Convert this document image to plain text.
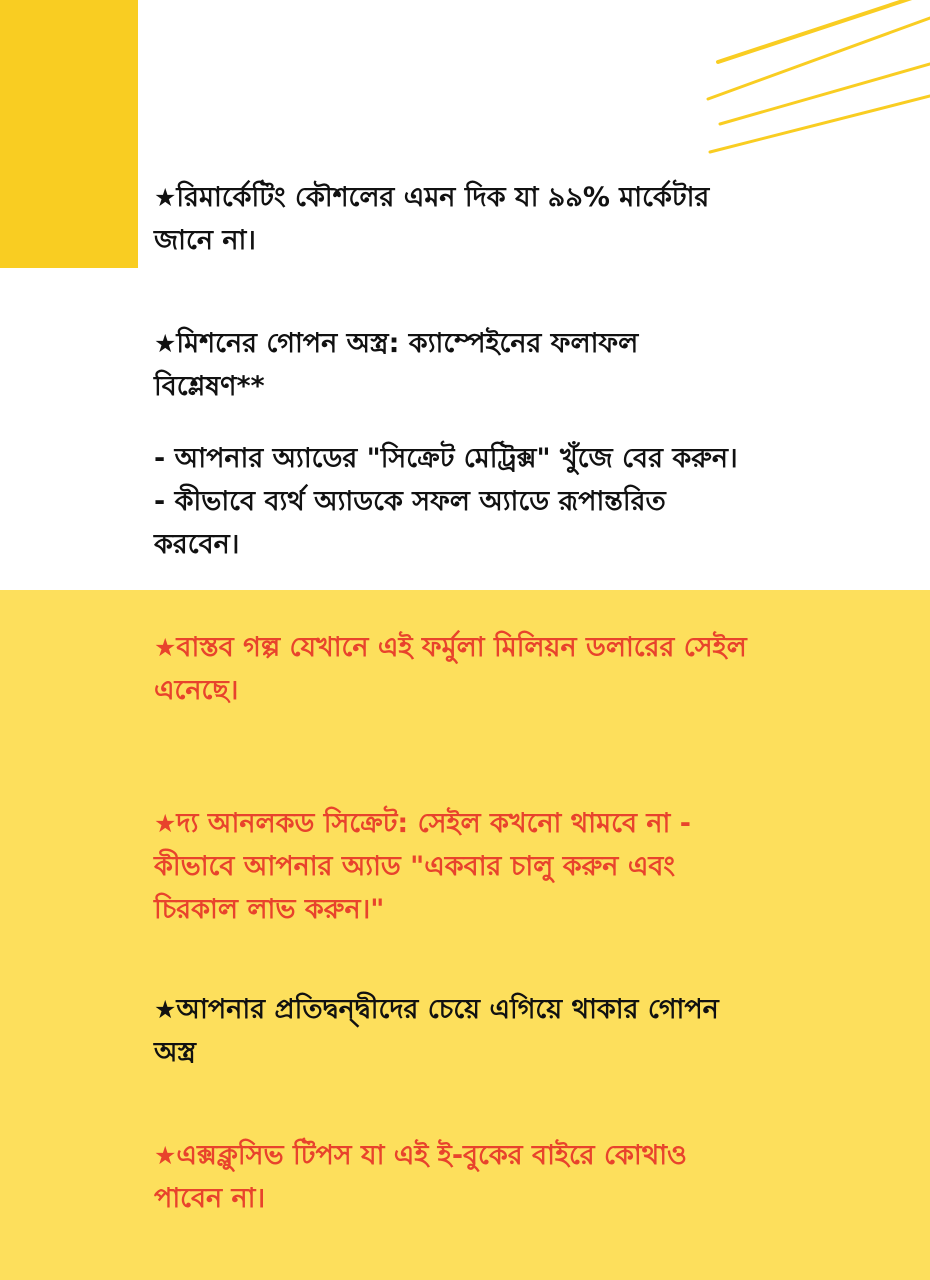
★রিমার্কেটিং কৌশলের এমন দিক যা ৯৯% মার্কেটার
জানে না।

★মিশনের গোপন অস্ত্র: ক্যাম্পেইনের ফলাফল
বিশ্লেষণ**

- আপনার অ্যাডের "সিক্রেট মেট্রিক্স" খুঁজে বের করুন।
- কীভাবে ব্যর্থ অ্যাডকে সফল অ্যাডে রূপান্তরিত
করবেন।

★বাস্তব গল্প যেখানে এই ফর্মুলা মিলিয়ন ডলারের সেইল
এনেছে।

★দ্য আনলকড সিক্রেট: সেইল কখনো থামবে না -
কীভাবে আপনার অ্যাড "একবার চালু করুন এবং
চিরকাল লাভ করুন।"

★আপনার প্রতিদ্বন্দ্বীদের চেয়ে এগিয়ে থাকার গোপন
অস্ত্র

★এক্সক্লুসিভ টিপস যা এই ই-বুকের বাইরে কোথাও
পাবেন না।
